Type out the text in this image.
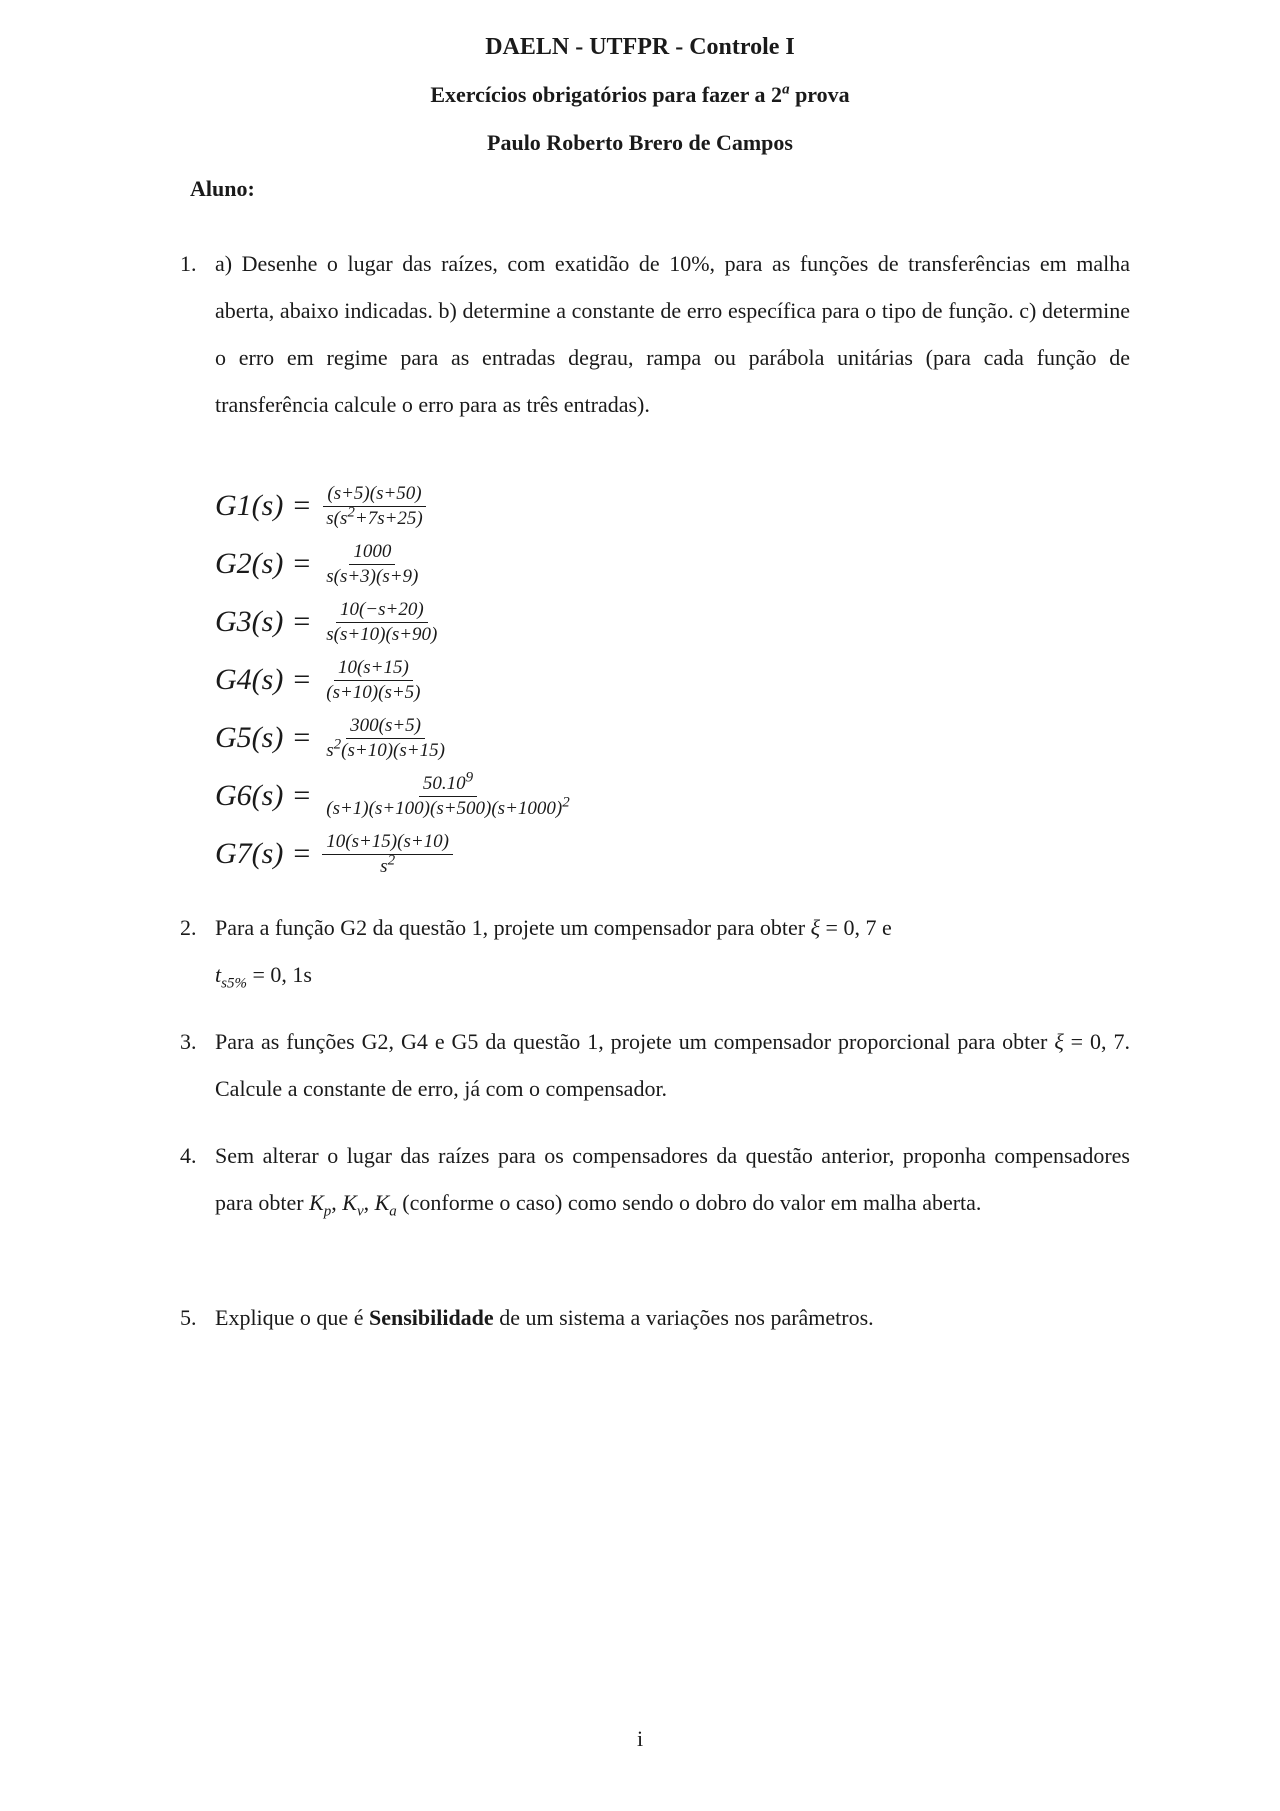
DAELN - UTFPR - Controle I
Exercícios obrigatórios para fazer a 2$^a$ prova
Paulo Roberto Brero de Campos
Aluno:
1. a) Desenhe o lugar das raízes, com exatidão de 10%, para as funções de transferências em malha aberta, abaixo indicadas. b) determine a constante de erro específica para o tipo de função. c) determine o erro em regime para as entradas degrau, rampa ou parábola unitárias (para cada função de transferência calcule o erro para as três entradas).
$G1(s) = \frac{(s+5)(s+50)}{s(s^2+7s+25)}$
$G2(s) = \frac{1000}{s(s+3)(s+9)}$
$G3(s) = \frac{10(-s+20)}{s(s+10)(s+90)}$
$G4(s) = \frac{10(s+15)}{(s+10)(s+5)}$
$G5(s) = \frac{300(s+5)}{s^2(s+10)(s+15)}$
$G6(s) = \frac{50.10^9}{(s+1)(s+100)(s+500)(s+1000)^2}$
$G7(s) = \frac{10(s+15)(s+10)}{s^2}$
2. Para a função G2 da questão 1, projete um compensador para obter ξ = 0, 7 e
$t_{s5\%} = 0$, 1s
3. Para as funções G2, G4 e G5 da questão 1, projete um compensador proporcional para obter ξ = 0, 7. Calcule a constante de erro, já com o compensador.
4. Sem alterar o lugar das raízes para os compensadores da questão anterior, proponha compensadores para obter $K_p$, $K_v$, $K_a$ (conforme o caso) como sendo o dobro do valor em malha aberta.
5. Explique o que é Sensibilidade de um sistema a variações nos parâmetros.
i
